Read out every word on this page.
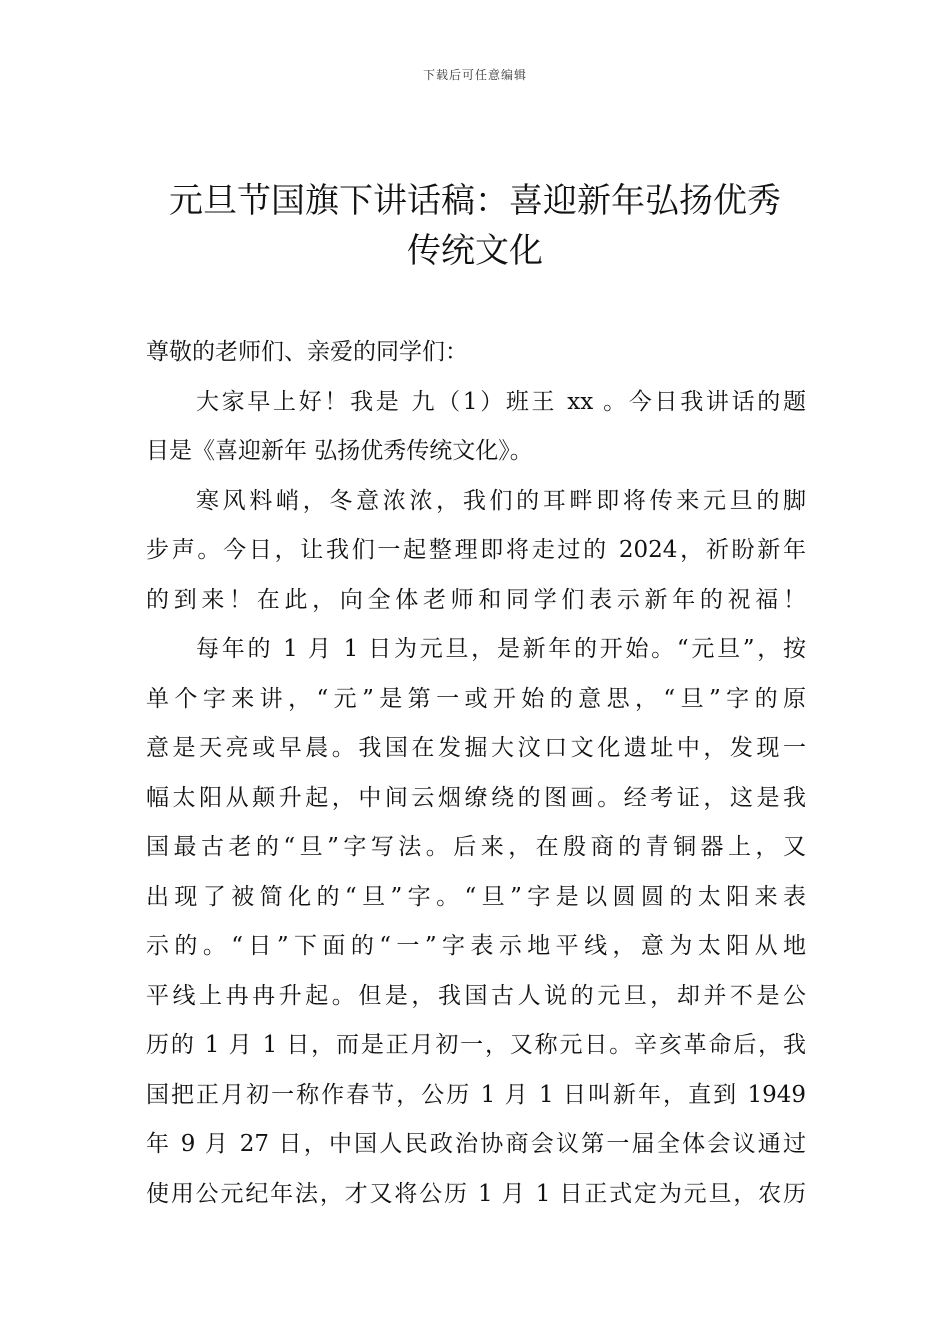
下载后可任意编辑
元旦节国旗下讲话稿：喜迎新年弘扬优秀
传统文化
尊敬的老师们、亲爱的同学们：
大家早上好！我是 九（1）班王 xx 。今日我讲话的题
目是《喜迎新年 弘扬优秀传统文化》。
寒风料峭，冬意浓浓，我们的耳畔即将传来元旦的脚
步声。今日，让我们一起整理即将走过的 2024，祈盼新年
的到来！在此，向全体老师和同学们表示新年的祝福！
每年的 1 月 1 日为元旦，是新年的开始。“元旦”，按
单个字来讲，“元”是第一或开始的意思，“旦”字的原
意是天亮或早晨。我国在发掘大汶口文化遗址中，发现一
幅太阳从颠升起，中间云烟缭绕的图画。经考证，这是我
国最古老的“旦”字写法。后来，在殷商的青铜器上，又
出现了被简化的“旦”字。“旦”字是以圆圆的太阳来表
示的。“日”下面的“一”字表示地平线，意为太阳从地
平线上冉冉升起。但是，我国古人说的元旦，却并不是公
历的 1 月 1 日，而是正月初一，又称元日。辛亥革命后，我
国把正月初一称作春节，公历 1 月 1 日叫新年，直到 1949
年 9 月 27 日，中国人民政治协商会议第一届全体会议通过
使用公元纪年法，才又将公历 1 月 1 日正式定为元旦，农历
